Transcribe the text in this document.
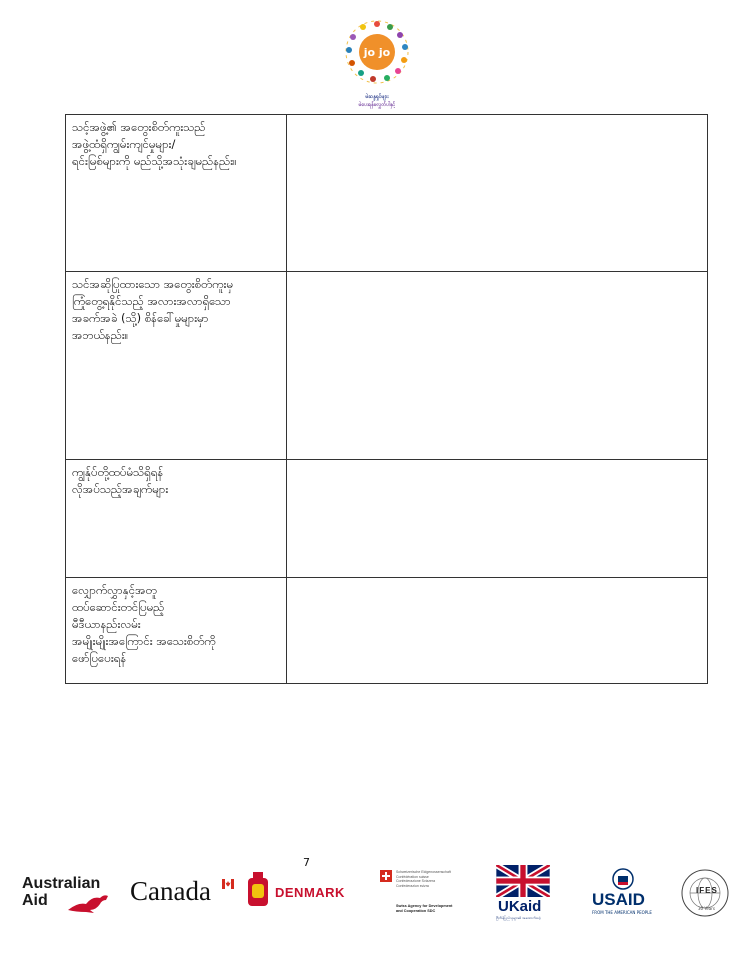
jo jo
မဲဆန္ဒရှင်များ
မဲပေးရန်မလွှတ်ပါနှင့်
သင့်အဖွဲ့၏ အတွေးစိတ်ကူးသည်
အဖွဲ့ထံရှိကျွမ်းကျင်မှုများ/
ရင်းမြစ်များကို မည်သို့အသုံးချမည်နည်း။	

သင်အဆိုပြုထားသော အတွေးစိတ်ကူးမှ
ကြုံတွေ့ရနိုင်သည့် အလားအလာရှိသော
အခက်အခဲ (သို့) စိန်ခေါ်မှုများမှာ
အဘယ်နည်း။	

ကျွန်ုပ်တို့ထပ်မံသိရှိရန်
လိုအပ်သည့်အချက်များ	

လျှောက်လွှာနှင့်အတူ
ထပ်ဆောင်းတင်ပြမည့်
မီဒီယာနည်းလမ်း
အမျိုးမျိုးအကြောင်း အသေးစိတ်ကို
ဖော်ပြပေးရန်	

7
Australian
Aid	Canada	DENMARK
Schweizerische Eidgenossenschaft
Confédération suisse
Confederazione Svizzera
Confederaziun svizra
Swiss Agency for Development
and Cooperation SDC	UKaid
ဗြိတိန်ပြည်သူများ၏ အထောက်အပံ့
USAID
FROM THE AMERICAN PEOPLE
IFES
30 Years
